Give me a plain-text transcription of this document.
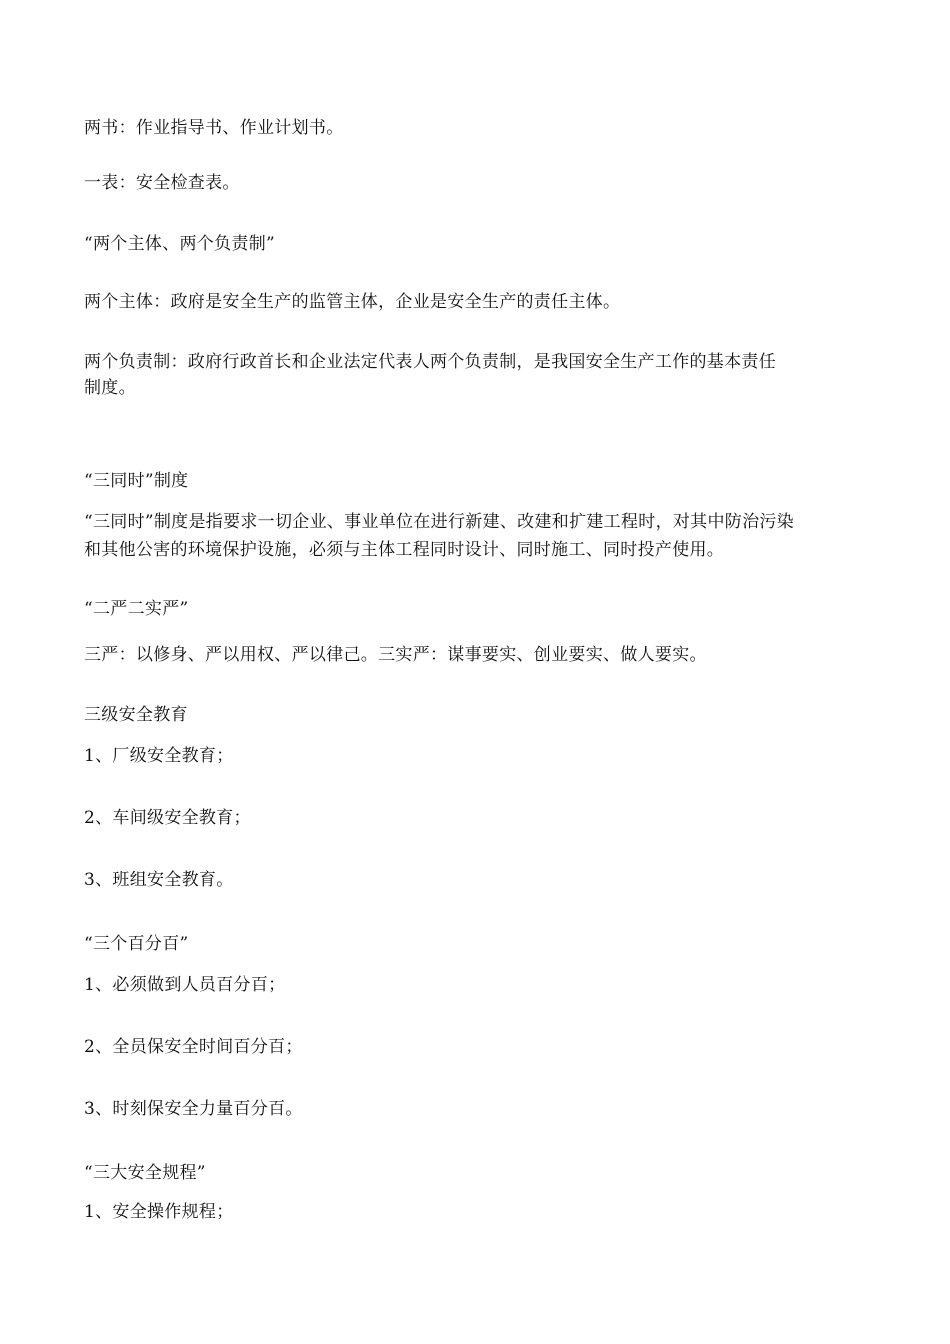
两书：作业指导书、作业计划书。
一表：安全检查表。
“两个主体、两个负责制”
两个主体：政府是安全生产的监管主体，企业是安全生产的责任主体。
两个负责制：政府行政首长和企业法定代表人两个负责制，是我国安全生产工作的基本责任
制度。
“三同时”制度
“三同时”制度是指要求一切企业、事业单位在进行新建、改建和扩建工程时，对其中防治污染
和其他公害的环境保护设施，必须与主体工程同时设计、同时施工、同时投产使用。
“二严二实严”
三严：以修身、严以用权、严以律己。三实严：谋事要实、创业要实、做人要实。
三级安全教育
1、厂级安全教育；
2、车间级安全教育；
3、班组安全教育。
“三个百分百”
1、必须做到人员百分百；
2、全员保安全时间百分百；
3、时刻保安全力量百分百。
“三大安全规程”
1、安全操作规程；
